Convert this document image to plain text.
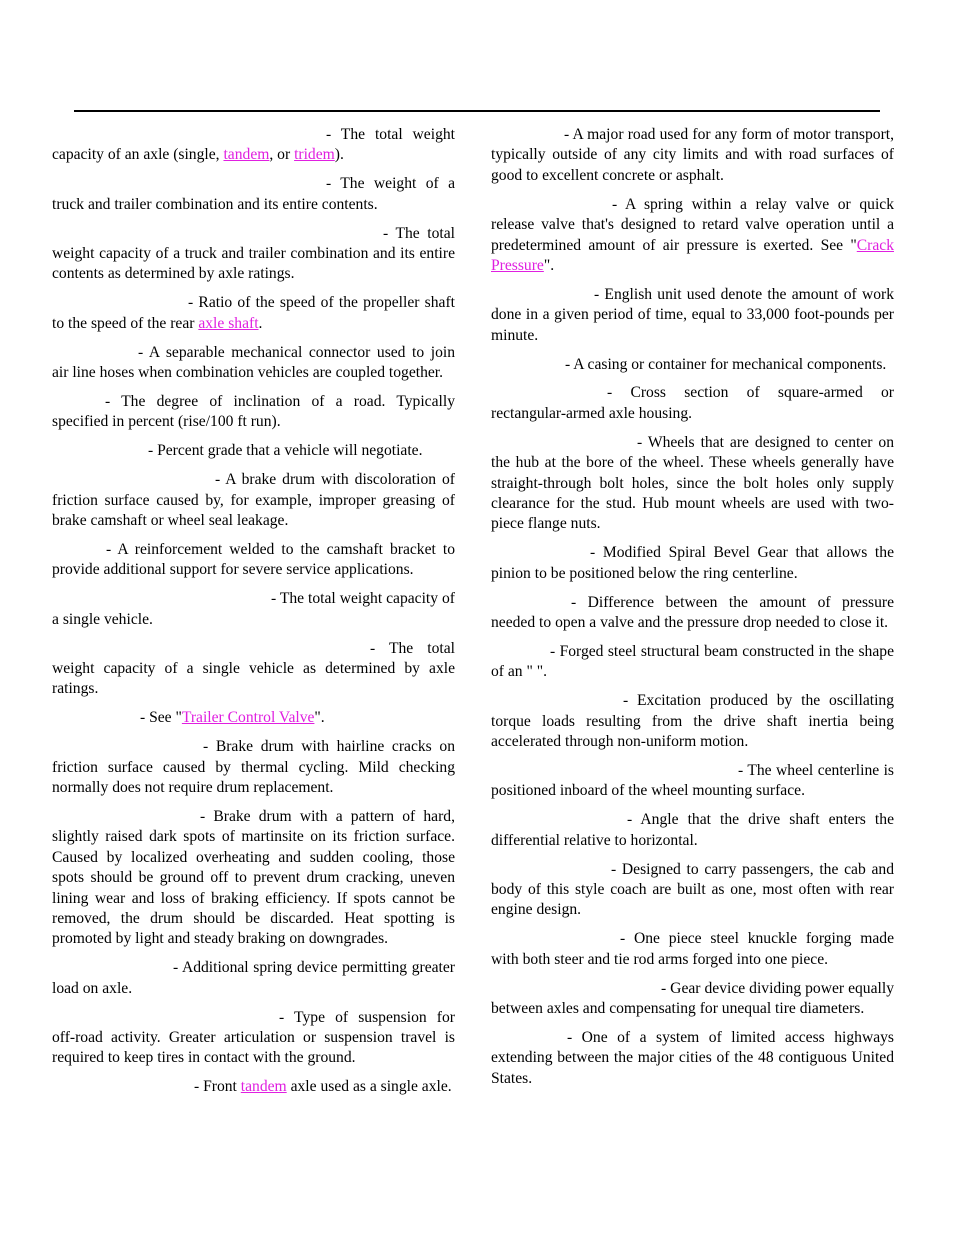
- The total weight capacity of an axle (single, tandem, or tridem).

- The weight of a truck and trailer combination and its entire contents.

- The total weight capacity of a truck and trailer combination and its entire contents as determined by axle ratings.

- Ratio of the speed of the propeller shaft to the speed of the rear axle shaft.

- A separable mechanical connector used to join air line hoses when combination vehicles are coupled together.

- The degree of inclination of a road. Typically specified in percent (rise/100 ft run).

- Percent grade that a vehicle will negotiate.

- A brake drum with discoloration of friction surface caused by, for example, improper greasing of brake camshaft or wheel seal leakage.

- A reinforcement welded to the camshaft bracket to provide additional support for severe service applications.

- The total weight capacity of a single vehicle.

- The total weight capacity of a single vehicle as determined by axle ratings.

- See "Trailer Control Valve".

- Brake drum with hairline cracks on friction surface caused by thermal cycling. Mild checking normally does not require drum replacement.

- Brake drum with a pattern of hard, slightly raised dark spots of martinsite on its friction surface. Caused by localized overheating and sudden cooling, those spots should be ground off to prevent drum cracking, uneven lining wear and loss of braking efficiency. If spots cannot be removed, the drum should be discarded. Heat spotting is promoted by light and steady braking on downgrades.

- Additional spring device permitting greater load on axle.

- Type of suspension for off-road activity. Greater articulation or suspension travel is required to keep tires in contact with the ground.

- Front tandem axle used as a single axle.

- A major road used for any form of motor transport, typically outside of any city limits and with road surfaces of good to excellent concrete or asphalt.

- A spring within a relay valve or quick release valve that's designed to retard valve operation until a predetermined amount of air pressure is exerted. See "Crack Pressure".

- English unit used denote the amount of work done in a given period of time, equal to 33,000 foot-pounds per minute.

- A casing or container for mechanical components.

- Cross section of square-armed or rectangular-armed axle housing.

- Wheels that are designed to center on the hub at the bore of the wheel. These wheels generally have straight-through bolt holes, since the bolt holes only supply clearance for the stud. Hub mount wheels are used with two-piece flange nuts.

- Modified Spiral Bevel Gear that allows the pinion to be positioned below the ring centerline.

- Difference between the amount of pressure needed to open a valve and the pressure drop needed to close it.

- Forged steel structural beam constructed in the shape of an " ".

- Excitation produced by the oscillating torque loads resulting from the drive shaft inertia being accelerated through non-uniform motion.

- The wheel centerline is positioned inboard of the wheel mounting surface.

- Angle that the drive shaft enters the differential relative to horizontal.

- Designed to carry passengers, the cab and body of this style coach are built as one, most often with rear engine design.

- One piece steel knuckle forging made with both steer and tie rod arms forged into one piece.

- Gear device dividing power equally between axles and compensating for unequal tire diameters.

- One of a system of limited access highways extending between the major cities of the 48 contiguous United States.
